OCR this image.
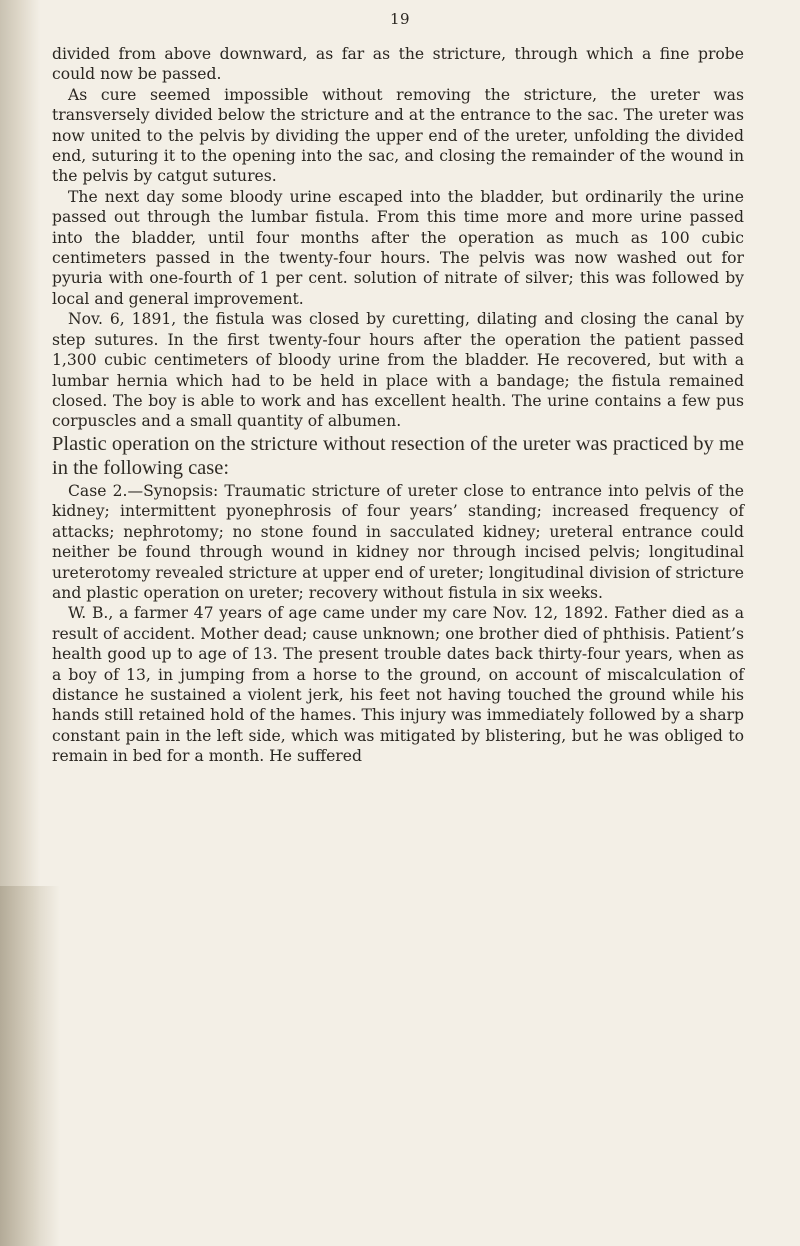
19

divided from above downward, as far as the stricture, through which a fine probe could now be passed.

As cure seemed impossible without removing the stricture, the ureter was transversely divided below the stricture and at the entrance to the sac. The ureter was now united to the pelvis by dividing the upper end of the ureter, unfolding the divided end, suturing it to the opening into the sac, and closing the remainder of the wound in the pelvis by catgut sutures.

The next day some bloody urine escaped into the bladder, but ordinarily the urine passed out through the lumbar fistula. From this time more and more urine passed into the bladder, until four months after the operation as much as 100 cubic centimeters passed in the twenty-four hours. The pelvis was now washed out for pyuria with one-fourth of 1 per cent. solution of nitrate of silver; this was followed by local and general improvement.

Nov. 6, 1891, the fistula was closed by curetting, dilating and closing the canal by step sutures. In the first twenty-four hours after the operation the patient passed 1,300 cubic centimeters of bloody urine from the bladder. He recovered, but with a lumbar hernia which had to be held in place with a bandage; the fistula remained closed. The boy is able to work and has excellent health. The urine contains a few pus corpuscles and a small quantity of albumen.

Plastic operation on the stricture without resection of the ureter was practiced by me in the following case:

Case 2.—Synopsis: Traumatic stricture of ureter close to entrance into pelvis of the kidney; intermittent pyonephrosis of four years’ standing; increased frequency of attacks; nephrotomy; no stone found in sacculated kidney; ureteral entrance could neither be found through wound in kidney nor through incised pelvis; longitudinal ureterotomy revealed stricture at upper end of ureter; longitudinal division of stricture and plastic operation on ureter; recovery without fistula in six weeks.

W. B., a farmer 47 years of age came under my care Nov. 12, 1892. Father died as a result of accident. Mother dead; cause unknown; one brother died of phthisis. Patient’s health good up to age of 13. The present trouble dates back thirty-four years, when as a boy of 13, in jumping from a horse to the ground, on account of miscalculation of distance he sustained a violent jerk, his feet not having touched the ground while his hands still retained hold of the hames. This injury was immediately followed by a sharp constant pain in the left side, which was mitigated by blistering, but he was obliged to remain in bed for a month. He suffered
